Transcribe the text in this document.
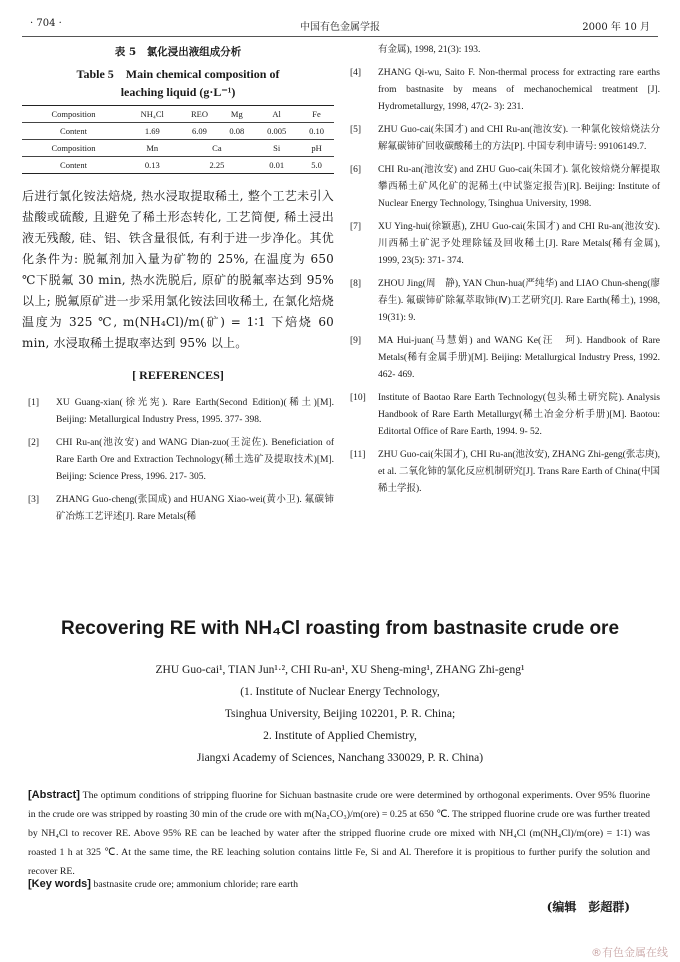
· 704 ·	中国有色金属学报	2000 年 10 月
表 5　氯化浸出液组成分析
Table 5　Main chemical composition of
leaching liquid (g·L⁻¹)
Composition	NH₄Cl	REO	Mg	Al	Fe
Content	1.69	6.09	0.08	0.005	0.10
Composition	Mn	Ca		Si	pH
Content	0.13	2.25		0.01	5.0
后进行氯化铵法焙烧, 热水浸取提取稀土, 整个工艺未引入盐酸或硫酸, 且避免了稀土形态转化, 工艺简便, 稀土浸出液无残酸, 硅、铝、铁含量很低, 有利于进一步净化。其优化条件为: 脱氟剂加入量为矿物的 25%, 在温度为 650 ℃下脱氟 30 min, 热水洗脱后, 原矿的脱氟率达到 95% 以上; 脱氟原矿进一步采用氯化铵法回收稀土, 在氯化焙烧温度为 325 ℃, m(NH₄Cl)/m(矿) = 1∶1 下焙烧 60 min, 水浸取稀土提取率达到 95% 以上。
[ REFERENCES]
[1] XU Guang-xian(徐光宪). Rare Earth(Second Edition)(稀土)[M]. Beijing: Metallurgical Industry Press, 1995. 377- 398.
[2] CHI Ru-an(池汝安) and WANG Dian-zuo(王淀佐). Beneficiation of Rare Earth Ore and Extraction Technology(稀土选矿及提取技术)[M]. Beijing: Science Press, 1996. 217- 305.
[3] ZHANG Guo-cheng(张国成) and HUANG Xiao-wei(黄小卫). 氟碳铈矿冶炼工艺评述[J]. Rare Metals(稀
有金属), 1998, 21(3): 193.
[4] ZHANG Qi-wu, Saito F. Non-thermal process for extracting rare earths from bastnasite by means of mechanochemical treatment [J]. Hydrometallurgy, 1998, 47(2- 3): 231.
[5] ZHU Guo-cai(朱国才) and CHI Ru-an(池汝安). 一种氯化铵焙烧法分解氟碳铈矿回收碳酸稀土的方法[P]. 中国专利申请号: 99106149.7.
[6] CHI Ru-an(池汝安) and ZHU Guo-cai(朱国才). 氯化铵焙烧分解提取攀西稀土矿风化矿的泥稀土(中试鉴定报告)[R]. Beijing: Institute of Nuclear Energy Technology, Tsinghua University, 1998.
[7] XU Ying-hui(徐颖惠), ZHU Guo-cai(朱国才) and CHI Ru-an(池汝安). 川西稀土矿泥予处理除锰及回收稀土[J]. Rare Metals(稀有金属), 1999, 23(5): 371- 374.
[8] ZHOU Jing(周　静), YAN Chun-hua(严纯华) and LIAO Chun-sheng(廖春生). 氟碳铈矿除氟萃取铈(Ⅳ)工艺研究[J]. Rare Earth(稀土), 1998, 19(31): 9.
[9] MA Hui-juan(马慧娟) and WANG Ke(汪　珂). Handbook of Rare Metals(稀有金属手册)[M]. Beijing: Metallurgical Industry Press, 1992. 462- 469.
[10] Institute of Baotao Rare Earth Technology(包头稀土研究院). Analysis Handbook of Rare Earth Metallurgy(稀土冶金分析手册)[M]. Baotou: Editortal Office of Rare Earth, 1994. 9- 52.
[11] ZHU Guo-cai(朱国才), CHI Ru-an(池汝安), ZHANG Zhi-geng(张志庚), et al. 二氧化铈的氯化反应机制研究[J]. Trans Rare Earth of China(中国稀土学报).
Recovering RE with NH₄Cl roasting from bastnasite crude ore
ZHU Guo-cai¹, TIAN Jun¹·², CHI Ru-an¹, XU Sheng-ming¹, ZHANG Zhi-geng¹
(1. Institute of Nuclear Energy Technology,
Tsinghua University, Beijing 102201, P. R. China;
2. Institute of Applied Chemistry,
Jiangxi Academy of Sciences, Nanchang 330029, P. R. China)
[Abstract] The optimum conditions of stripping fluorine for Sichuan bastnasite crude ore were determined by orthogonal experiments. Over 95% fluorine in the crude ore was stripped by roasting 30 min of the crude ore with m(Na₂CO₃)/m(ore) = 0.25 at 650 ℃. The stripped fluorine crude ore was further treated by NH₄Cl to recover RE. Above 95% RE can be leached by water after the stripped fluorine crude ore mixed with NH₄Cl (m(NH₄Cl)/m(ore) = 1∶1) was roasted 1 h at 325 ℃. At the same time, the RE leaching solution contains little Fe, Si and Al. Therefore it is propitious to further purify the solution and recover RE.
[Key words] bastnasite crude ore; ammonium chloride; rare earth
(编辑　彭超群)
®有色金属在线
